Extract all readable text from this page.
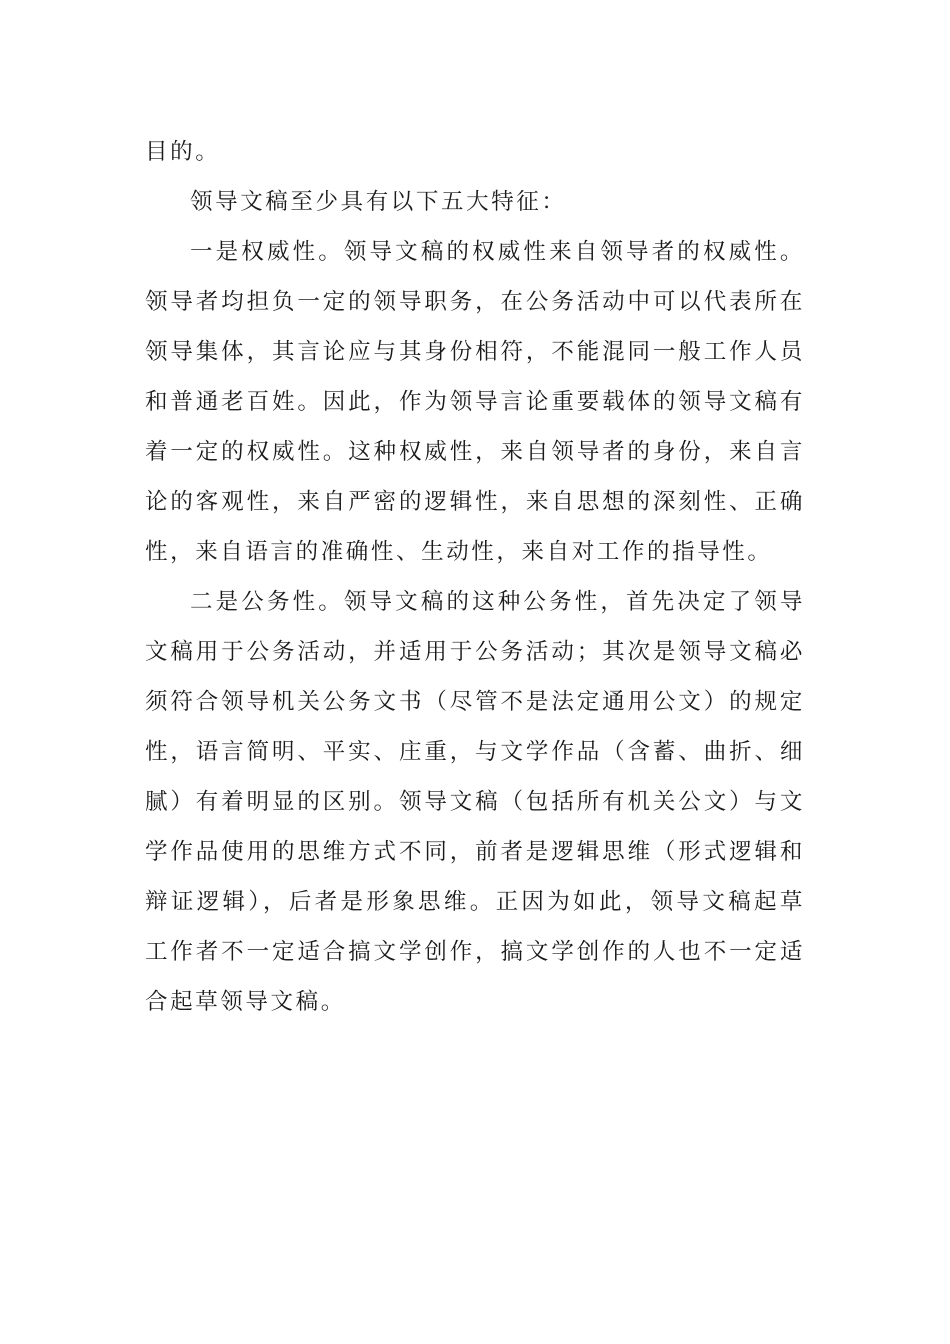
目的。

领导文稿至少具有以下五大特征：

一是权威性。领导文稿的权威性来自领导者的权威性。领导者均担负一定的领导职务，在公务活动中可以代表所在领导集体，其言论应与其身份相符，不能混同一般工作人员和普通老百姓。因此，作为领导言论重要载体的领导文稿有着一定的权威性。这种权威性，来自领导者的身份，来自言论的客观性，来自严密的逻辑性，来自思想的深刻性、正确性，来自语言的准确性、生动性，来自对工作的指导性。

二是公务性。领导文稿的这种公务性，首先决定了领导文稿用于公务活动，并适用于公务活动；其次是领导文稿必须符合领导机关公务文书（尽管不是法定通用公文）的规定性，语言简明、平实、庄重，与文学作品（含蓄、曲折、细腻）有着明显的区别。领导文稿（包括所有机关公文）与文学作品使用的思维方式不同，前者是逻辑思维（形式逻辑和辩证逻辑），后者是形象思维。正因为如此，领导文稿起草工作者不一定适合搞文学创作，搞文学创作的人也不一定适合起草领导文稿。
